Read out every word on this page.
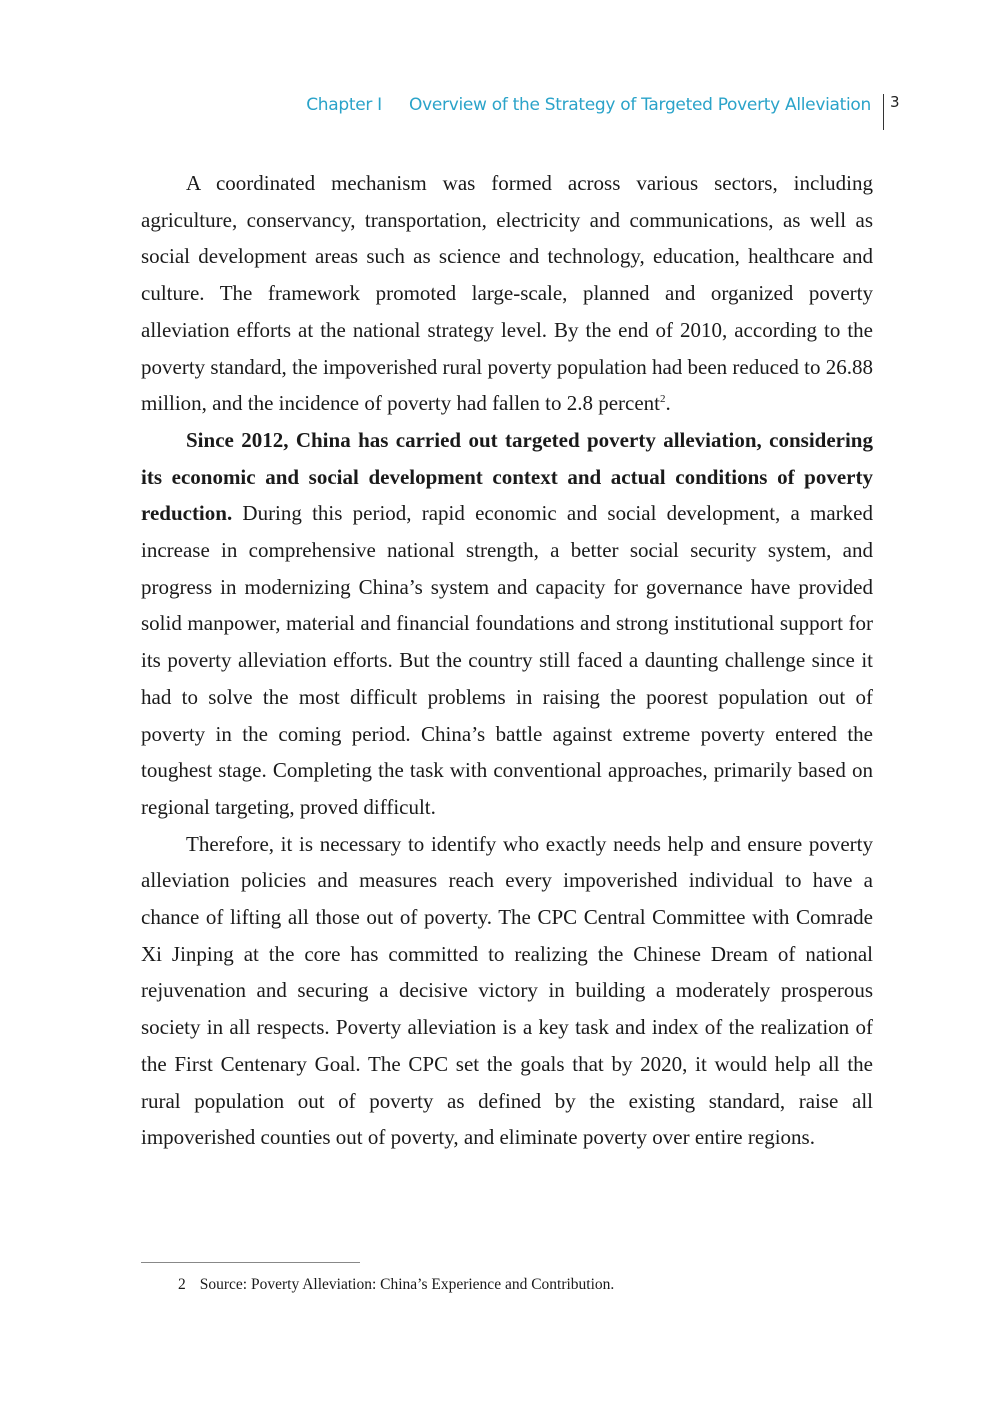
Chapter Ⅰ Overview of the Strategy of Targeted Poverty Alleviation 3

A coordinated mechanism was formed across various sectors, including agriculture, conservancy, transportation, electricity and communications, as well as social development areas such as science and technology, education, healthcare and culture. The framework promoted large-scale, planned and organized poverty alleviation efforts at the national strategy level. By the end of 2010, according to the poverty standard, the impoverished rural poverty population had been reduced to 26.88 million, and the incidence of poverty had fallen to 2.8 percent$^2$.

Since 2012, China has carried out targeted poverty alleviation, considering its economic and social development context and actual conditions of poverty reduction. During this period, rapid economic and social development, a marked increase in comprehensive national strength, a better social security system, and progress in modernizing China’s system and capacity for governance have provided solid manpower, material and financial foundations and strong institutional support for its poverty alleviation efforts. But the country still faced a daunting challenge since it had to solve the most difficult problems in raising the poorest population out of poverty in the coming period. China’s battle against extreme poverty entered the toughest stage. Completing the task with conventional approaches, primarily based on regional targeting, proved difficult.

Therefore, it is necessary to identify who exactly needs help and ensure poverty alleviation policies and measures reach every impoverished individual to have a chance of lifting all those out of poverty. The CPC Central Committee with Comrade Xi Jinping at the core has committed to realizing the Chinese Dream of national rejuvenation and securing a decisive victory in building a moderately prosperous society in all respects. Poverty alleviation is a key task and index of the realization of the First Centenary Goal. The CPC set the goals that by 2020, it would help all the rural population out of poverty as defined by the existing standard, raise all impoverished counties out of poverty, and eliminate poverty over entire regions.

2 Source: Poverty Alleviation: China’s Experience and Contribution.
